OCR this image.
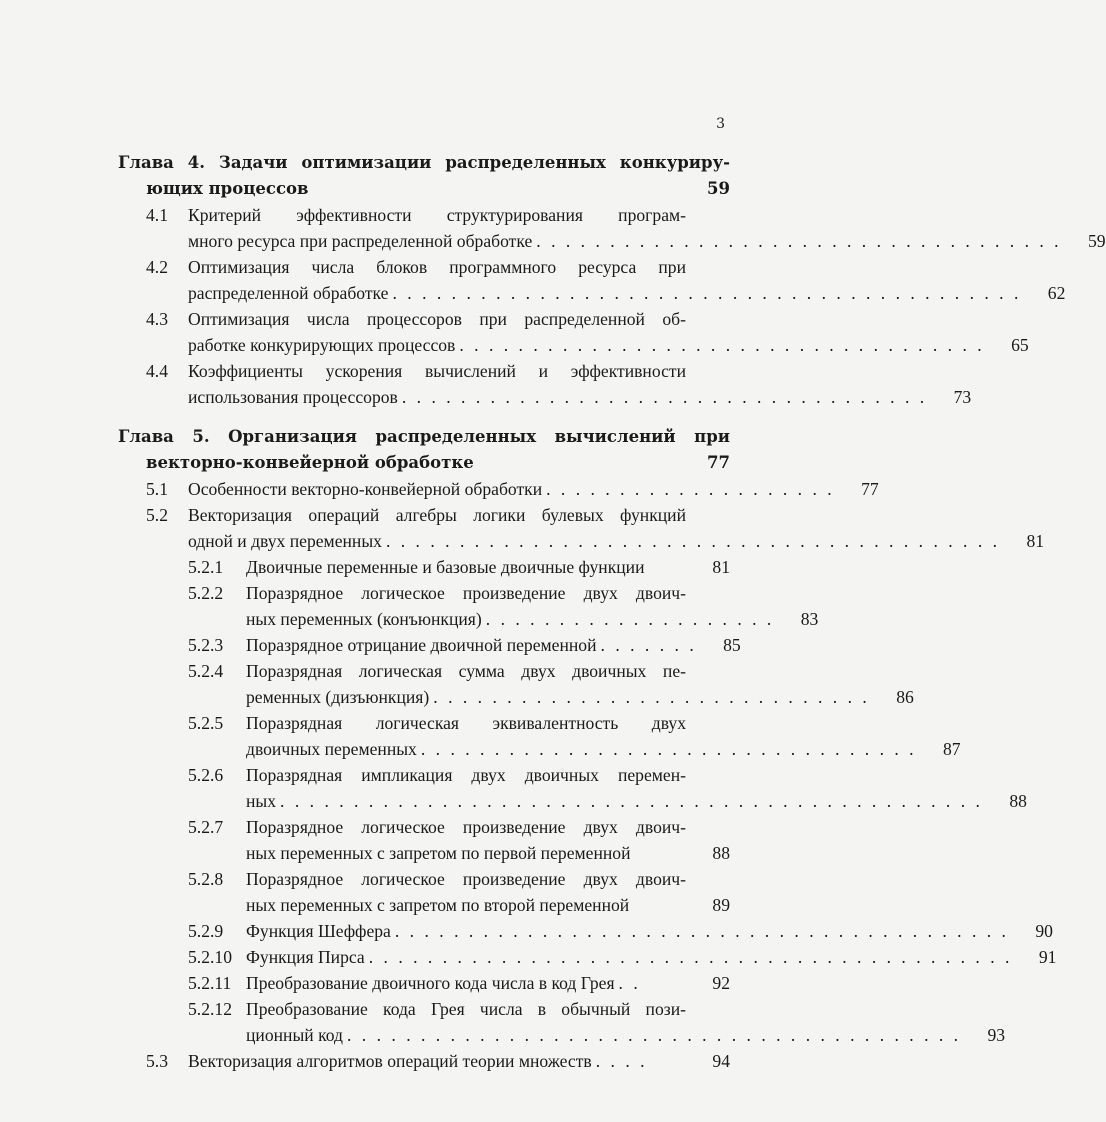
3
Глава 4. Задачи оптимизации распределенных конкуриру-
ющих процессов	59
4.1 Критерий эффективности структурирования програм-
много ресурса при распределенной обработке . . . . . . . . . . . . . . . . . . . . . . . . . . . . . . . . . . . .	59
4.2 Оптимизация числа блоков программного ресурса при
распределенной обработке . . . . . . . . . . . . . . . . . . . . . . . . . . . . . . . . . . . . . . . . . . .	62
4.3 Оптимизация числа процессоров при распределенной об-
работке конкурирующих процессов . . . . . . . . . . . . . . . . . . . . . . . . . . . . . . . . . . . .	65
4.4 Коэффициенты ускорения вычислений и эффективности
использования процессоров . . . . . . . . . . . . . . . . . . . . . . . . . . . . . . . . . . . .	73
Глава 5. Организация распределенных вычислений при
векторно-конвейерной обработке	77
5.1 Особенности векторно-конвейерной обработки . . . . . . . . . . . . . . . . . . . .	77
5.2 Векторизация операций алгебры логики булевых функций
одной и двух переменных . . . . . . . . . . . . . . . . . . . . . . . . . . . . . . . . . . . . . . . . . .	81
5.2.1 Двоичные переменные и базовые двоичные функции	81
5.2.2 Поразрядное логическое произведение двух двоич-
ных переменных (конъюнкция) . . . . . . . . . . . . . . . . . . . .	83
5.2.3 Поразрядное отрицание двоичной переменной . . . . . . .	85
5.2.4 Поразрядная логическая сумма двух двоичных пе-
ременных (дизъюнкция) . . . . . . . . . . . . . . . . . . . . . . . . . . . . . .	86
5.2.5 Поразрядная логическая эквивалентность двух
двоичных переменных . . . . . . . . . . . . . . . . . . . . . . . . . . . . . . . . . .	87
5.2.6 Поразрядная импликация двух двоичных перемен-
ных . . . . . . . . . . . . . . . . . . . . . . . . . . . . . . . . . . . . . . . . . . . . . . . .	88
5.2.7 Поразрядное логическое произведение двух двоич-
ных переменных с запретом по первой переменной	88
5.2.8 Поразрядное логическое произведение двух двоич-
ных переменных с запретом по второй переменной	89
5.2.9 Функция Шеффера . . . . . . . . . . . . . . . . . . . . . . . . . . . . . . . . . . . . . . . . . .	90
5.2.10 Функция Пирса . . . . . . . . . . . . . . . . . . . . . . . . . . . . . . . . . . . . . . . . . . . .	91
5.2.11 Преобразование двоичного кода числа в код Грея . .	92
5.2.12 Преобразование кода Грея числа в обычный пози-
ционный код . . . . . . . . . . . . . . . . . . . . . . . . . . . . . . . . . . . . . . . . . .	93
5.3 Векторизация алгоритмов операций теории множеств . . . .	94
